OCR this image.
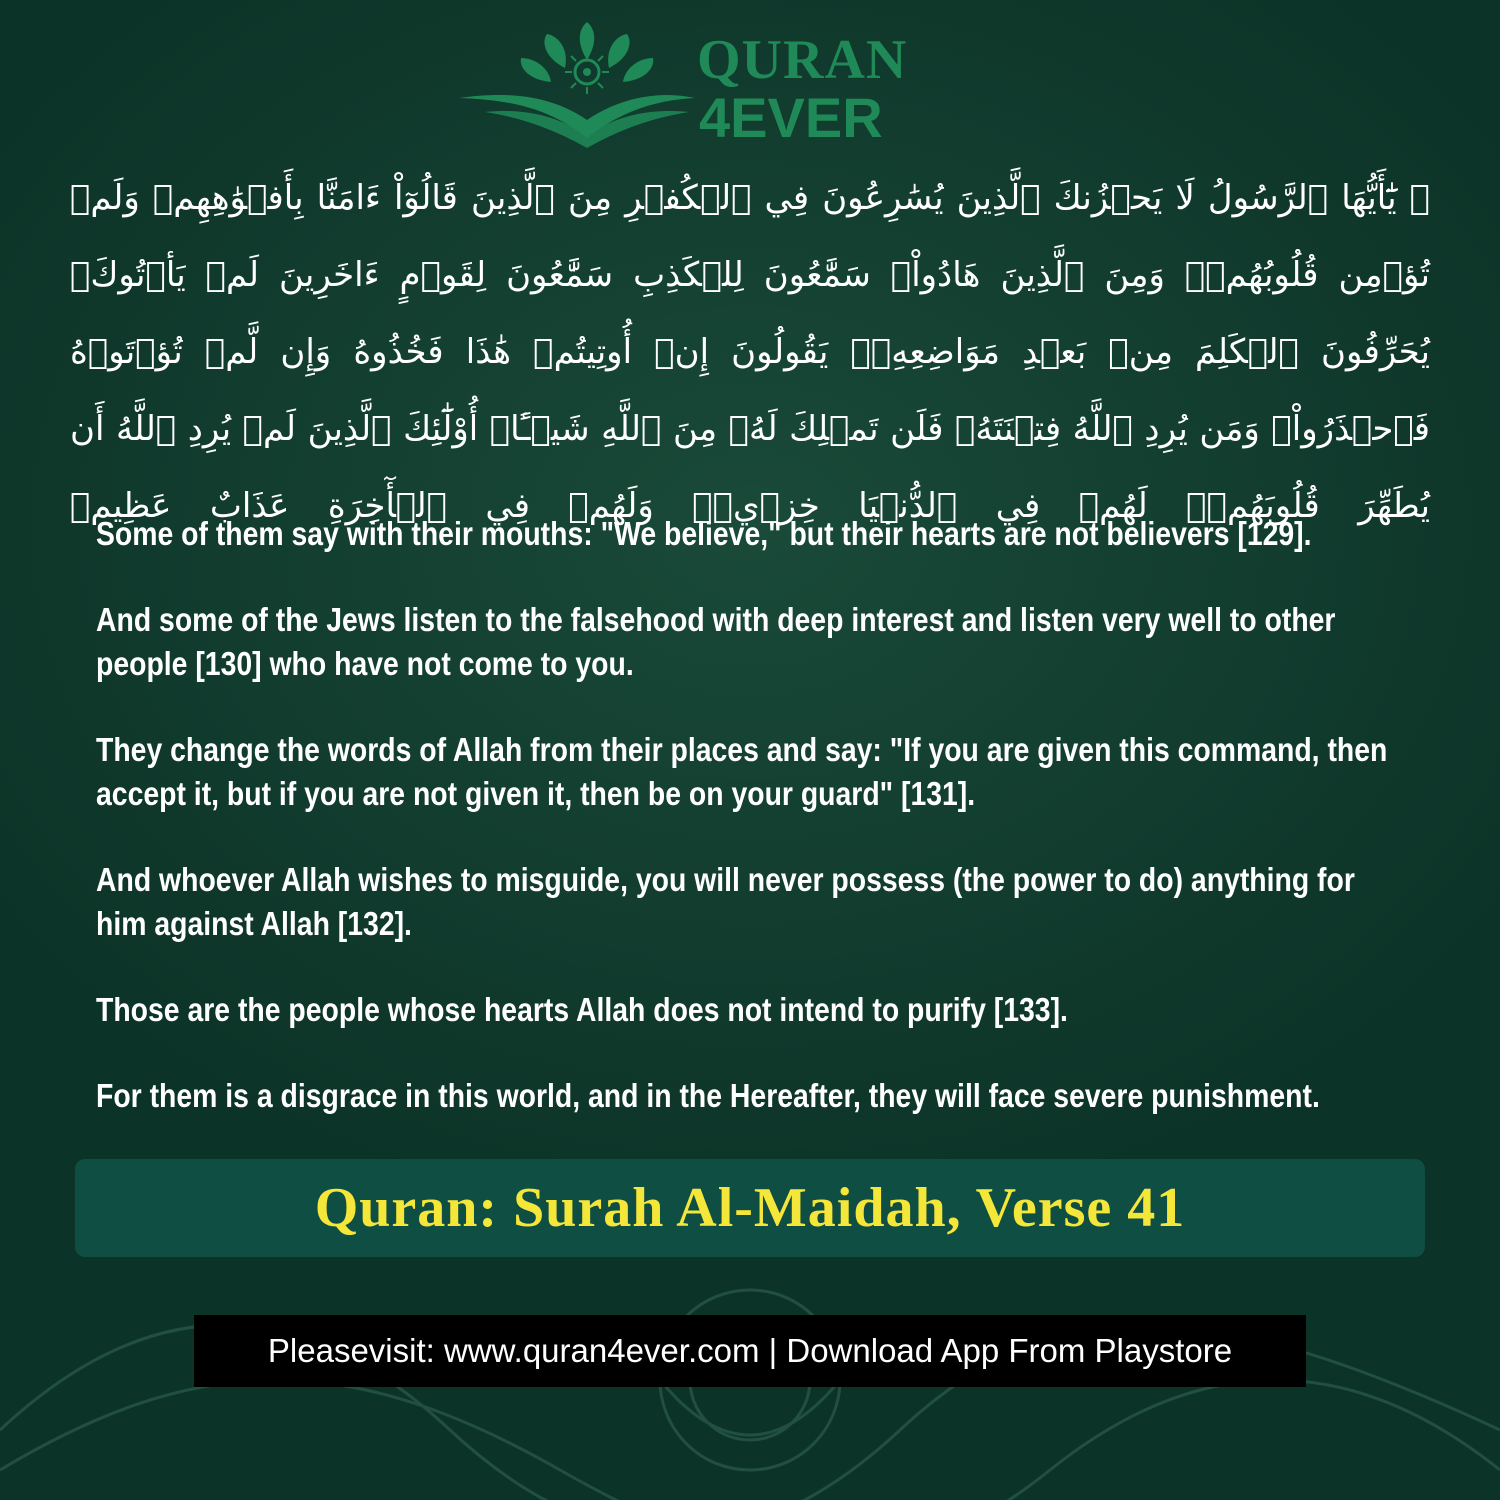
QURAN
4EVER
۞ يَٰٓأَيُّهَا ٱلرَّسُولُ لَا يَحۡزُنكَ ٱلَّذِينَ يُسَٰرِعُونَ فِي ٱلۡكُفۡرِ مِنَ ٱلَّذِينَ قَالُوٓاْ ءَامَنَّا بِأَفۡوَٰهِهِمۡ وَلَمۡ تُؤۡمِن قُلُوبُهُمۡۛ وَمِنَ ٱلَّذِينَ هَادُواْۛ سَمَّٰعُونَ لِلۡكَذِبِ سَمَّٰعُونَ لِقَوۡمٍ ءَاخَرِينَ لَمۡ يَأۡتُوكَۖ يُحَرِّفُونَ ٱلۡكَلِمَ مِنۢ بَعۡدِ مَوَاضِعِهِۦۖ يَقُولُونَ إِنۡ أُوتِيتُمۡ هَٰذَا فَخُذُوهُ وَإِن لَّمۡ تُؤۡتَوۡهُ فَٱحۡذَرُواْۚ وَمَن يُرِدِ ٱللَّهُ فِتۡنَتَهُۥ فَلَن تَمۡلِكَ لَهُۥ مِنَ ٱللَّهِ شَيۡـًٔاۚ أُوْلَٰٓئِكَ ٱلَّذِينَ لَمۡ يُرِدِ ٱللَّهُ أَن يُطَهِّرَ قُلُوبَهُمۡۚ لَهُمۡ فِي ٱلدُّنۡيَا خِزۡيٞۖ وَلَهُمۡ فِي ٱلۡأٓخِرَةِ عَذَابٌ عَظِيمٞ

Some of them say with their mouths: "We believe," but their hearts are not believers [129].

And some of the Jews listen to the falsehood with deep interest and listen very well to other people [130] who have not come to you.

They change the words of Allah from their places and say: "If you are given this command, then accept it, but if you are not given it, then be on your guard" [131].

And whoever Allah wishes to misguide, you will never possess (the power to do) anything for him against Allah [132].

Those are the people whose hearts Allah does not intend to purify [133].

For them is a disgrace in this world, and in the Hereafter, they will face severe punishment.

Quran: Surah Al-Maidah, Verse 41
Pleasevisit: www.quran4ever.com | Download App From Playstore
